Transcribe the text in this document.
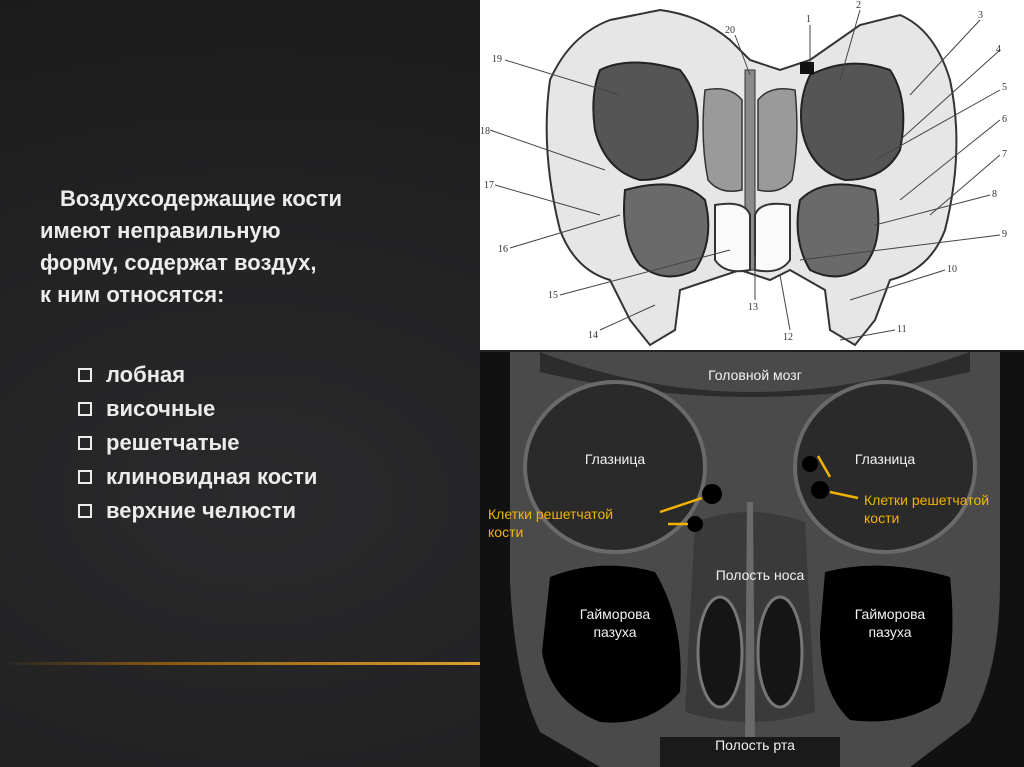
Воздухсодержащие кости
имеют неправильную
форму, содержат воздух,
к ним относятся:
лобная
височные
решетчатые
клиновидная кости
верхние челюсти
1
2
3
4
5
6
7
8
9
10
11
12
13
14
15
16
17
18
19
20
Головной мозг
Глазница	Глазница
Клетки решетчатой
кости
Клетки решетчатой
кости
Полость носа
Гайморова
пазуха
Гайморова
пазуха
Полость рта
